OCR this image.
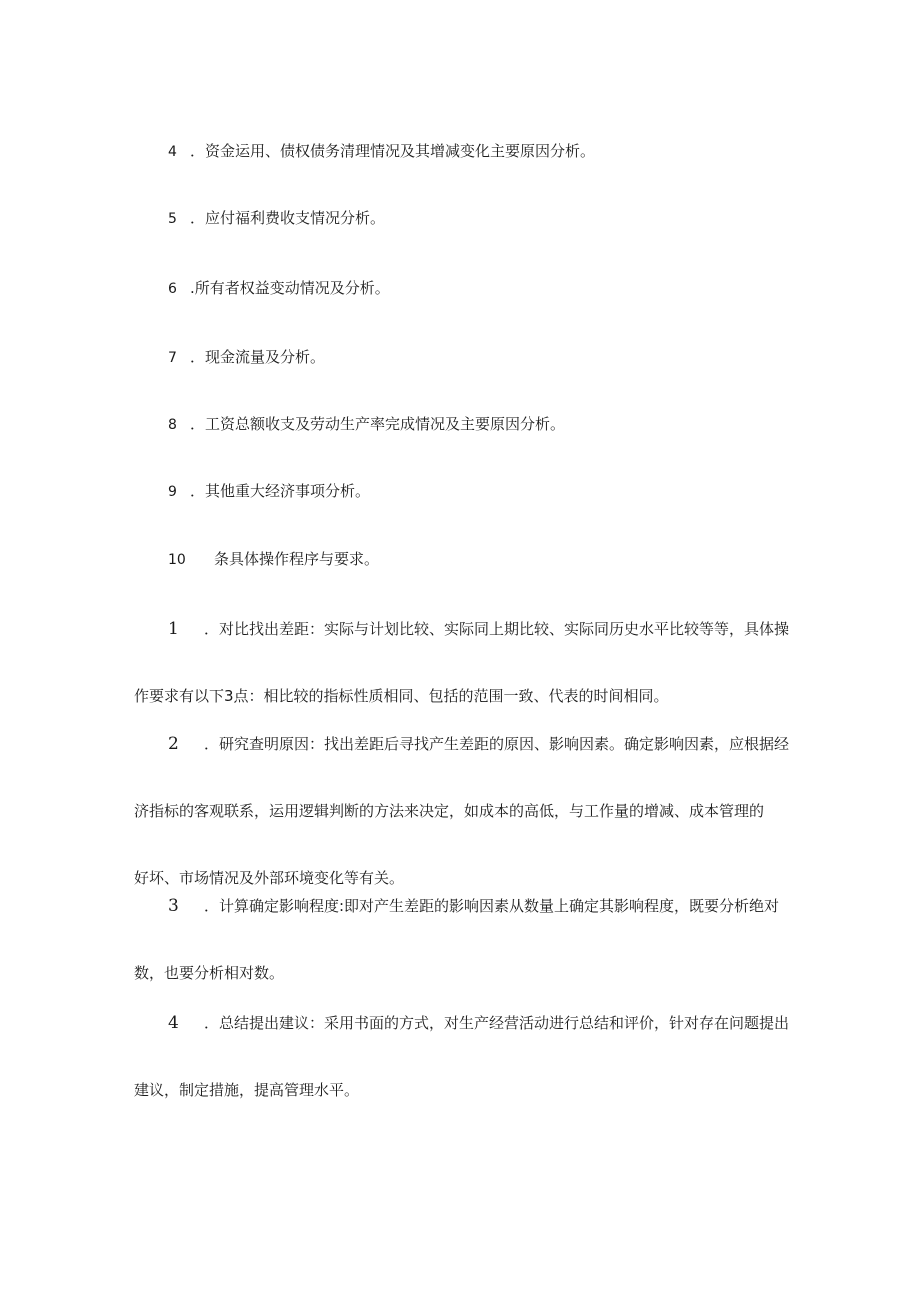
4 ．资金运用、债权债务清理情况及其增减变化主要原因分析。
5 ．应付福利费收支情况分析。
6 .所有者权益变动情况及分析。
7 ．现金流量及分析。
8 ．工资总额收支及劳动生产率完成情况及主要原因分析。
9 ．其他重大经济事项分析。
10 条具体操作程序与要求。
1 ．对比找出差距：实际与计划比较、实际同上期比较、实际同历史水平比较等等，具体操
作要求有以下3点：相比较的指标性质相同、包括的范围一致、代表的时间相同。
2 ．研究查明原因：找出差距后寻找产生差距的原因、影响因素。确定影响因素，应根据经
济指标的客观联系，运用逻辑判断的方法来决定，如成本的高低，与工作量的增减、成本管理的
好坏、市场情况及外部环境变化等有关。
3 ．计算确定影响程度:即对产生差距的影响因素从数量上确定其影响程度，既要分析绝对
数，也要分析相对数。
4 ．总结提出建议：采用书面的方式，对生产经营活动进行总结和评价，针对存在问题提出
建议，制定措施，提高管理水平。
